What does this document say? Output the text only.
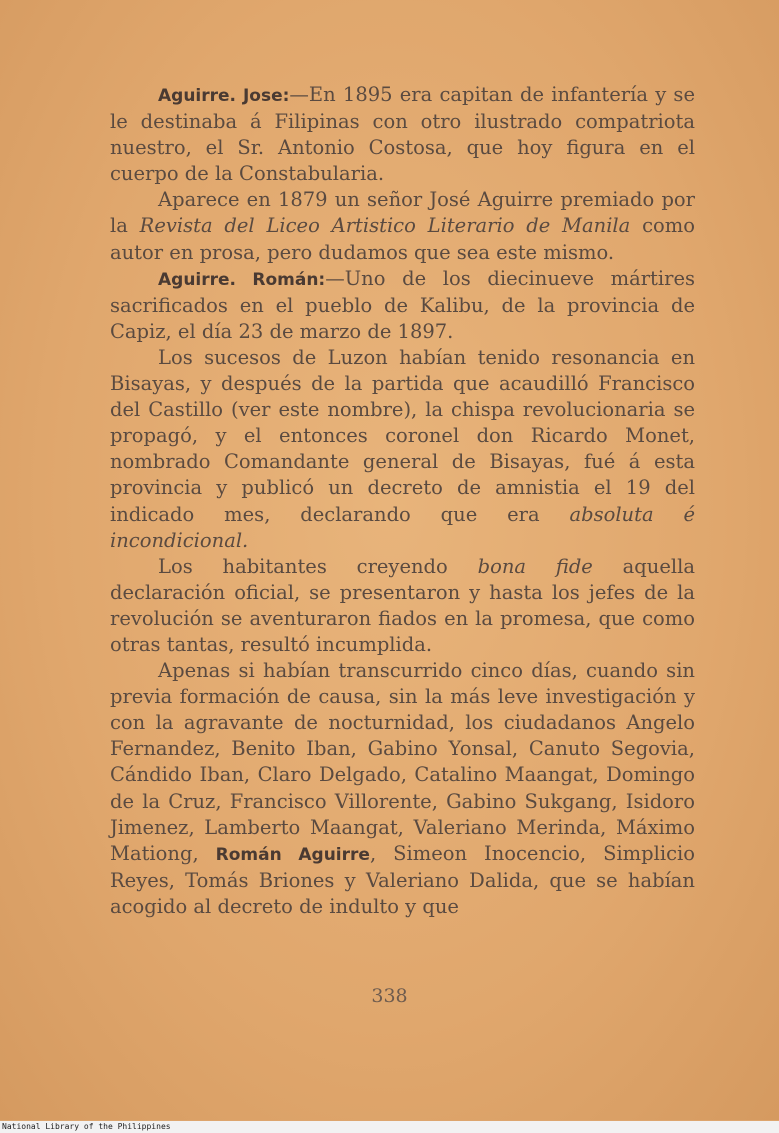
Aguirre. Jose:—En 1895 era capitan de infantería y se le destinaba á Filipinas con otro ilustrado compatriota nuestro, el Sr. Antonio Costosa, que hoy figura en el cuerpo de la Constabularia.

Aparece en 1879 un señor José Aguirre premiado por la Revista del Liceo Artistico Literario de Manila como autor en prosa, pero dudamos que sea este mismo.

Aguirre. Román:—Uno de los diecinueve mártires sacrificados en el pueblo de Kalibu, de la provincia de Capiz, el día 23 de marzo de 1897.

Los sucesos de Luzon habían tenido resonancia en Bisayas, y después de la partida que acaudilló Francisco del Castillo (ver este nombre), la chispa revolucionaria se propagó, y el entonces coronel don Ricardo Monet, nombrado Comandante general de Bisayas, fué á esta provincia y publicó un decreto de amnistia el 19 del indicado mes, declarando que era absoluta é incondicional.

Los habitantes creyendo bona fide aquella declaración oficial, se presentaron y hasta los jefes de la revolución se aventuraron fiados en la promesa, que como otras tantas, resultó incumplida.

Apenas si habían transcurrido cinco días, cuando sin previa formación de causa, sin la más leve investigación y con la agravante de nocturnidad, los ciudadanos Angelo Fernandez, Benito Iban, Gabino Yonsal, Canuto Segovia, Cándido Iban, Claro Delgado, Catalino Maangat, Domingo de la Cruz, Francisco Villorente, Gabino Sukgang, Isidoro Jimenez, Lamberto Maangat, Valeriano Merinda, Máximo Mationg, Román Aguirre, Simeon Inocencio, Simplicio Reyes, Tomás Briones y Valeriano Dalida, que se habían acogido al decreto de indulto y que

338
National Library of the Philippines
